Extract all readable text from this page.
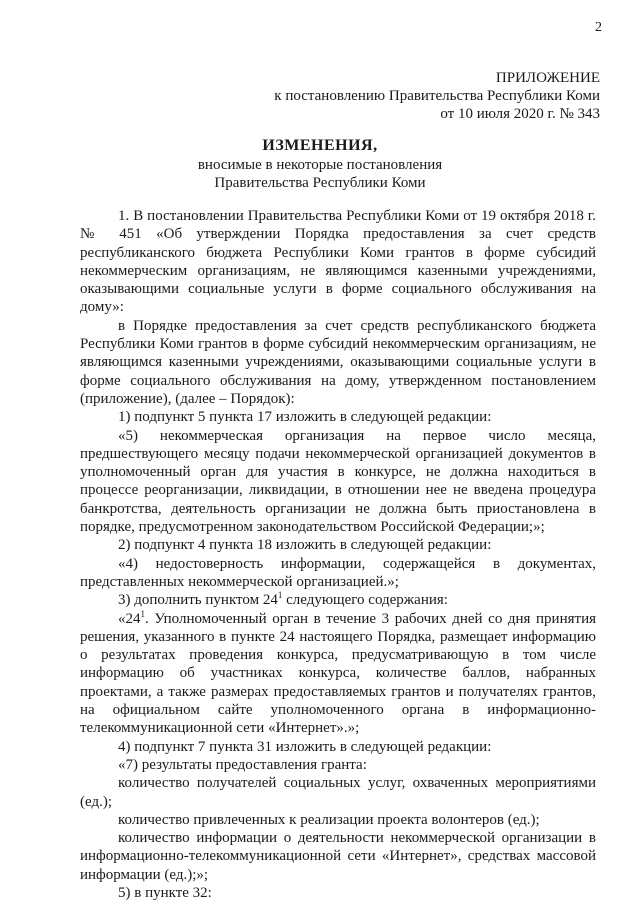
2
ПРИЛОЖЕНИЕ
к постановлению Правительства Республики Коми
от 10 июля 2020 г. № 343
ИЗМЕНЕНИЯ,
вносимые в некоторые постановления
Правительства Республики Коми

1. В постановлении Правительства Республики Коми от 19 октября 2018 г. № 451 «Об утверждении Порядка предоставления за счет средств республиканского бюджета Республики Коми грантов в форме субсидий некоммерческим организациям, не являющимся казенными учреждениями, оказывающими социальные услуги в форме социального обслуживания на дому»:

в Порядке предоставления за счет средств республиканского бюджета Республики Коми грантов в форме субсидий некоммерческим организациям, не являющимся казенными учреждениями, оказывающими социальные услуги в форме социального обслуживания на дому, утвержденном постановлением (приложение), (далее – Порядок):

1) подпункт 5 пункта 17 изложить в следующей редакции:

«5) некоммерческая организация на первое число месяца, предшествующего месяцу подачи некоммерческой организацией документов в уполномоченный орган для участия в конкурсе, не должна находиться в процессе реорганизации, ликвидации, в отношении нее не введена процедура банкротства, деятельность организации не должна быть приостановлена в порядке, предусмотренном законодательством Российской Федерации;»;

2) подпункт 4 пункта 18 изложить в следующей редакции:

«4) недостоверность информации, содержащейся в документах, представленных некоммерческой организацией.»;

3) дополнить пунктом $24^1$ следующего содержания:

«$24^1$. Уполномоченный орган в течение 3 рабочих дней со дня принятия решения, указанного в пункте 24 настоящего Порядка, размещает информацию о результатах проведения конкурса, предусматривающую в том числе информацию об участниках конкурса, количестве баллов, набранных проектами, а также размерах предоставляемых грантов и получателях грантов, на официальном сайте уполномоченного органа в информационно-телекоммуникационной сети «Интернет».»;

4) подпункт 7 пункта 31 изложить в следующей редакции:

«7) результаты предоставления гранта:

количество получателей социальных услуг, охваченных мероприятиями (ед.);

количество привлеченных к реализации проекта волонтеров (ед.);

количество информации о деятельности некоммерческой организации в информационно-телекоммуникационной сети «Интернет», средствах массовой информации (ед.);»;

5) в пункте 32:
